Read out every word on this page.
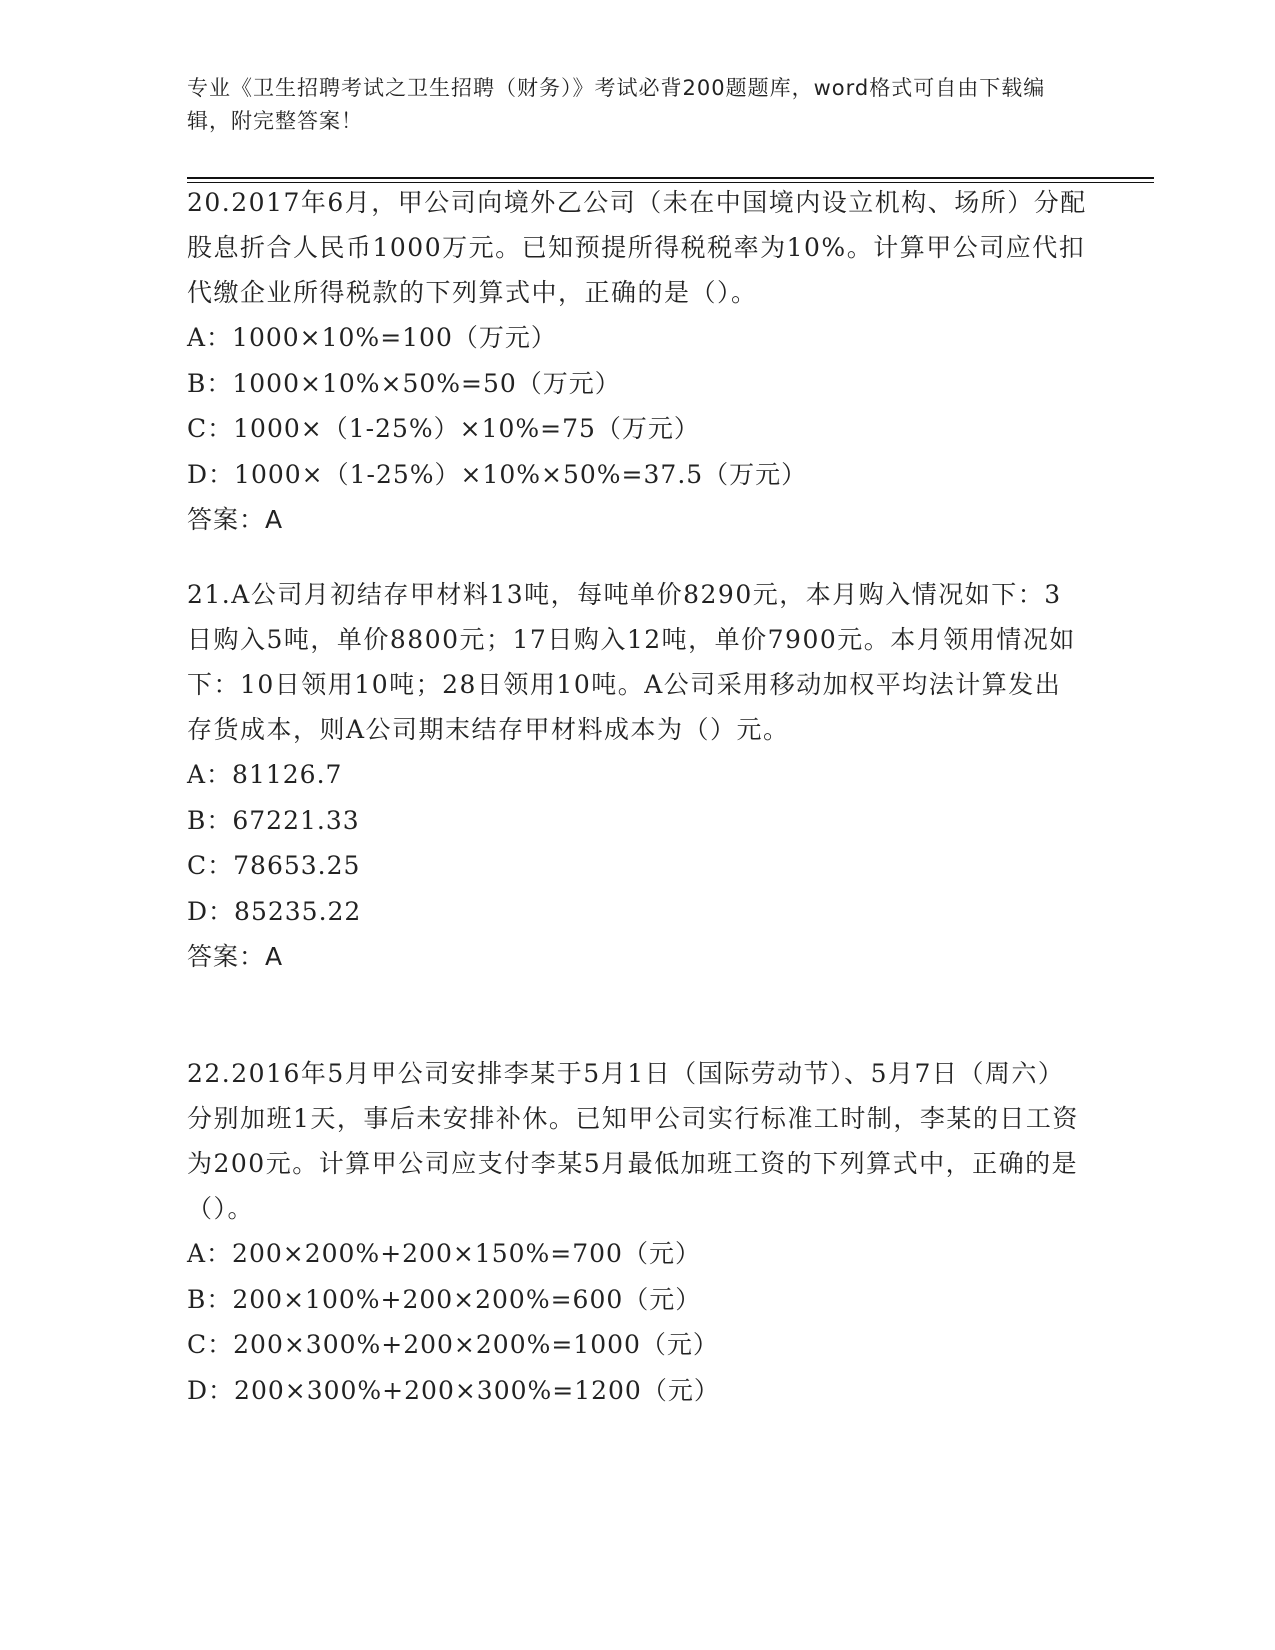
专业《卫生招聘考试之卫生招聘（财务）》考试必背200题题库，word格式可自由下载编辑，附完整答案！

20.2017年6月，甲公司向境外乙公司（未在中国境内设立机构、场所）分配股息折合人民币1000万元。已知预提所得税税率为10%。计算甲公司应代扣代缴企业所得税款的下列算式中，正确的是（）。

A：1000×10%=100（万元）

B：1000×10%×50%=50（万元）

C：1000×（1-25%）×10%=75（万元）

D：1000×（1-25%）×10%×50%=37.5（万元）

答案：A

21.A公司月初结存甲材料13吨，每吨单价8290元，本月购入情况如下：3日购入5吨，单价8800元；17日购入12吨，单价7900元。本月领用情况如下：10日领用10吨；28日领用10吨。A公司采用移动加权平均法计算发出存货成本，则A公司期末结存甲材料成本为（）元。

A：81126.7

B：67221.33

C：78653.25

D：85235.22

答案：A

22.2016年5月甲公司安排李某于5月1日（国际劳动节）、5月7日（周六）分别加班1天，事后未安排补休。已知甲公司实行标准工时制，李某的日工资为200元。计算甲公司应支付李某5月最低加班工资的下列算式中，正确的是（）。

A：200×200%+200×150%=700（元）

B：200×100%+200×200%=600（元）

C：200×300%+200×200%=1000（元）

D：200×300%+200×300%=1200（元）
